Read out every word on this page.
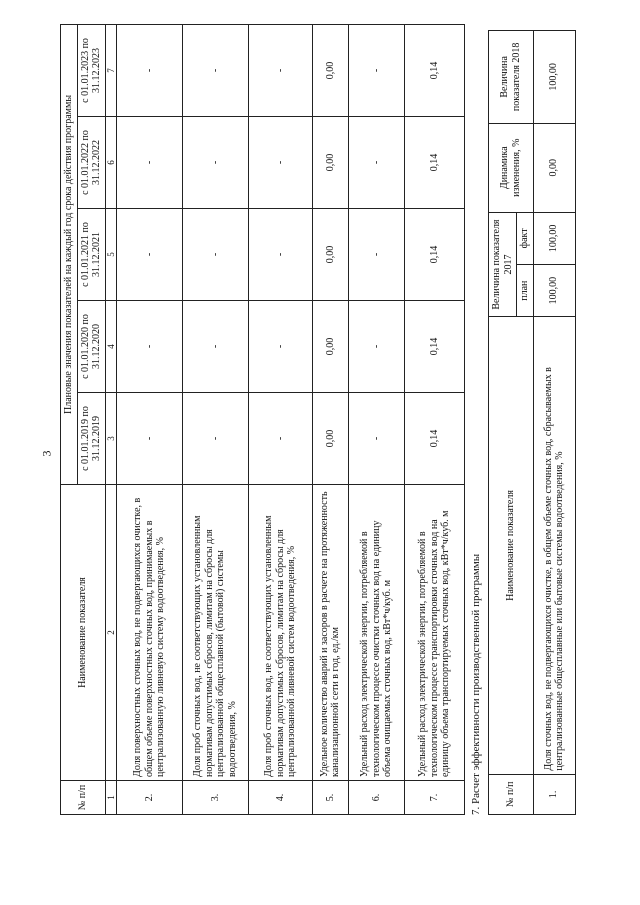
3
№ п/п	Наименование показателя	Плановые значения показателей на каждый год срока действия программы				
		с 01.01.2019 по 31.12.2019	с 01.01.2020 по 31.12.2020	с 01.01.2021 по 31.12.2021	с 01.01.2022 по 31.12.2022	с 01.01.2023 по 31.12.2023
1	2	3	4	5	6	7
2.	Доля поверхностных сточных вод, не подвергающихся очистке, в общем объеме поверхностных сточных вод, принимаемых в централизованную ливневую систему водоотведения, %	-	-	-	-	-
3.	Доля проб сточных вод, не соответствующих установленным нормативам допустимых сбросов, лимитам на сбросы для централизованной общесплавной (бытовой) системы водоотведения, %	-	-	-	-	-
4.	Доля проб сточных вод, не соответствующих установленным нормативам допустимых сбросов, лимитам на сбросы для централизованной ливневой систем водоотведения, %	-	-	-	-	-
5.	Удельное количество аварий и засоров в расчете на протяженность канализационной сети в год, ед./км	0,00	0,00	0,00	0,00	0,00
6.	Удельный расход электрической энергии, потребляемой в технологическом процессе очистки сточных вод на единицу объема очищаемых сточных вод, кВт*ч/куб. м	-	-	-	-	-
7.	Удельный расход электрической энергии, потребляемой в технологическом процессе транспортировки сточных вод на единицу объема транспортируемых сточных вод, кВт*ч/куб. м	0,14	0,14	0,14	0,14	0,14
7. Расчет эффективности производственной программы № п/п	Наименование показателя	Величина показателя 2017		Динамика изменения, %	Величина показателя 2018
		план	факт		
1.	Доля сточных вод, не подвергающихся очистке, в общем объеме сточных вод, сбрасываемых в централизованные общесплавные или бытовые системы водоотведения, %	100,00	100,00	0,00	100,00
